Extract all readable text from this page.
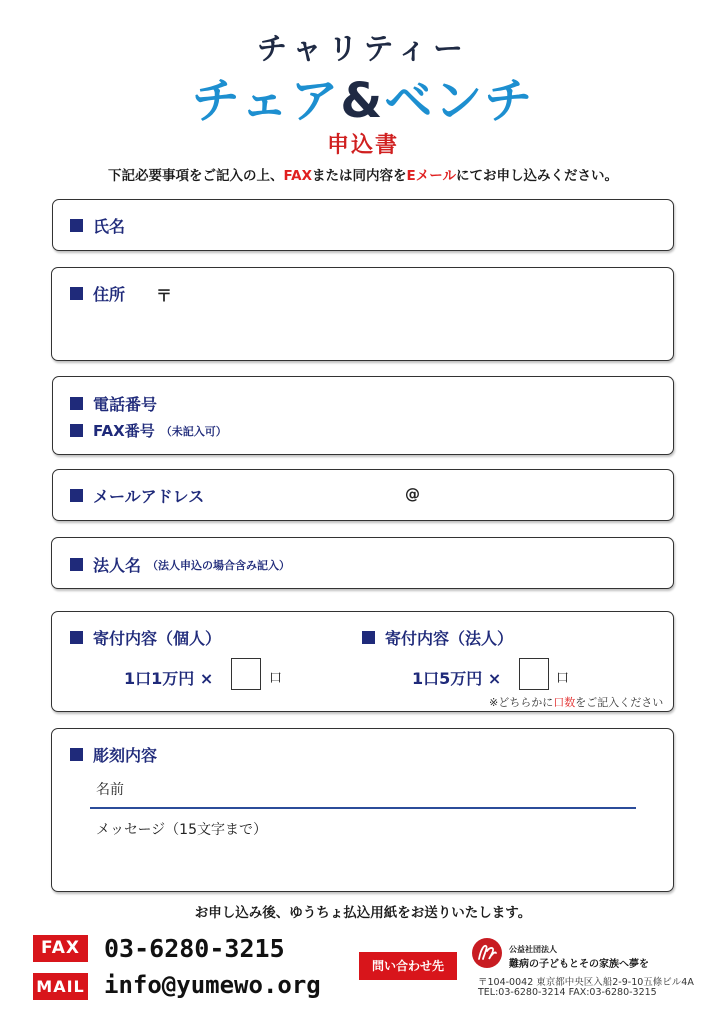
チャリティー
チェア&ベンチ
申込書
下記必要事項をご記入の上、FAXまたは同内容をEメールにてお申し込みください。
氏名
住所 〒
電話番号
FAX番号 （未記入可）
メールアドレス	@
法人名 （法人申込の場合含み記入）
寄付内容（個人）
1口1万円 ×	口
寄付内容（法人）
1口5万円 ×	口
※どちらかに口数をご記入ください
彫刻内容
名前
メッセージ（15文字まで）
お申し込み後、ゆうちょ払込用紙をお送りいたします。
FAX 03-6280-3215
MAIL info@yumewo.org
問い合わせ先
公益社団法人
難病の子どもとその家族へ夢を
〒104-0042 東京都中央区入船2-9-10五條ビル4A
TEL:03-6280-3214 FAX:03-6280-3215
